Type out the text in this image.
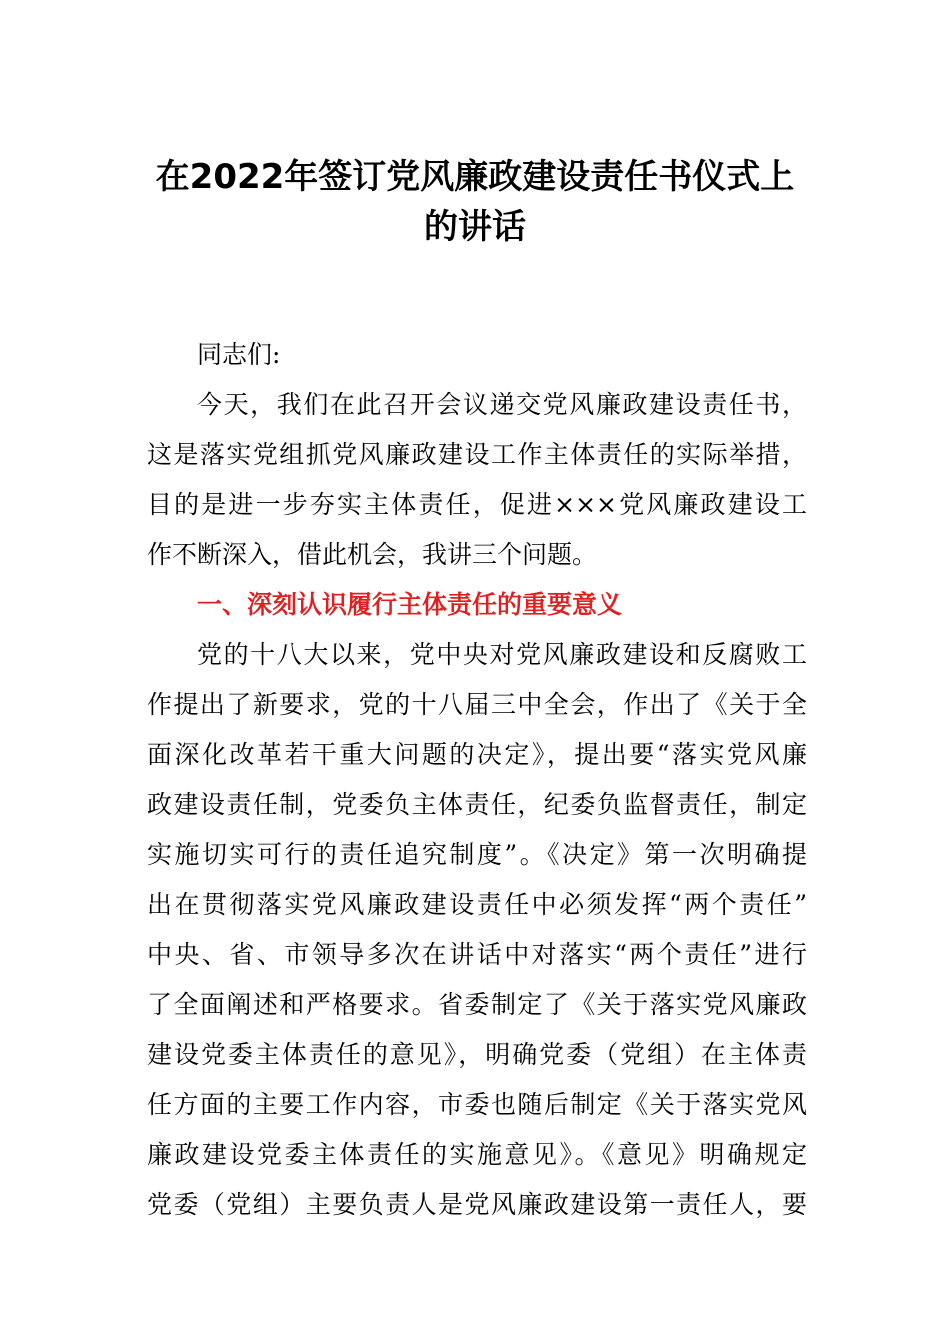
在2022年签订党风廉政建设责任书仪式上
的讲话
同志们:
今天，我们在此召开会议递交党风廉政建设责任书，
这是落实党组抓党风廉政建设工作主体责任的实际举措，
目的是进一步夯实主体责任，促进×××党风廉政建设工
作不断深入，借此机会，我讲三个问题。
一、深刻认识履行主体责任的重要意义
党的十八大以来，党中央对党风廉政建设和反腐败工
作提出了新要求，党的十八届三中全会，作出了《关于全
面深化改革若干重大问题的决定》，提出要“落实党风廉
政建设责任制，党委负主体责任，纪委负监督责任，制定
实施切实可行的责任追究制度”。《决定》第一次明确提
出在贯彻落实党风廉政建设责任中必须发挥“两个责任”
中央、省、市领导多次在讲话中对落实“两个责任”进行
了全面阐述和严格要求。省委制定了《关于落实党风廉政
建设党委主体责任的意见》，明确党委（党组）在主体责
任方面的主要工作内容，市委也随后制定《关于落实党风
廉政建设党委主体责任的实施意见》。《意见》明确规定
党委（党组）主要负责人是党风廉政建设第一责任人，要
